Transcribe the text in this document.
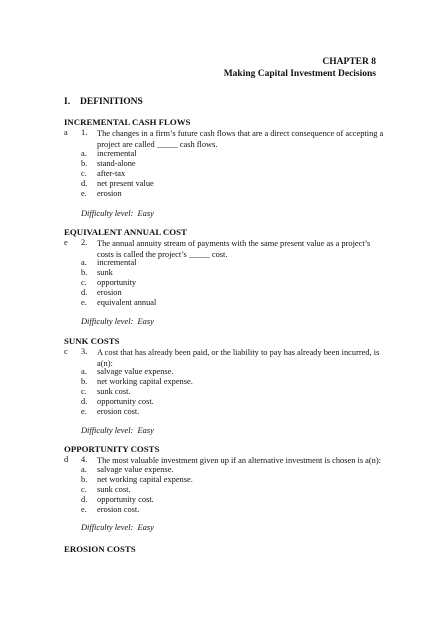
CHAPTER 8
Making Capital Investment Decisions
I. DEFINITIONS
INCREMENTAL CASH FLOWS
a 1. The changes in a firm’s future cash flows that are a direct consequence of accepting a project are called _____ cash flows.
a. incremental
b. stand-alone
c. after-tax
d. net present value
e. erosion
Difficulty level: Easy
EQUIVALENT ANNUAL COST
e 2. The annual annuity stream of payments with the same present value as a project’s costs is called the project’s _____ cost.
a. incremental
b. sunk
c. opportunity
d. erosion
e. equivalent annual
Difficulty level: Easy
SUNK COSTS
c 3. A cost that has already been paid, or the liability to pay has already been incurred, is a(n):
a. salvage value expense.
b. net working capital expense.
c. sunk cost.
d. opportunity cost.
e. erosion cost.
Difficulty level: Easy
OPPORTUNITY COSTS
d 4. The most valuable investment given up if an alternative investment is chosen is a(n):
a. salvage value expense.
b. net working capital expense.
c. sunk cost.
d. opportunity cost.
e. erosion cost.
Difficulty level: Easy
EROSION COSTS
